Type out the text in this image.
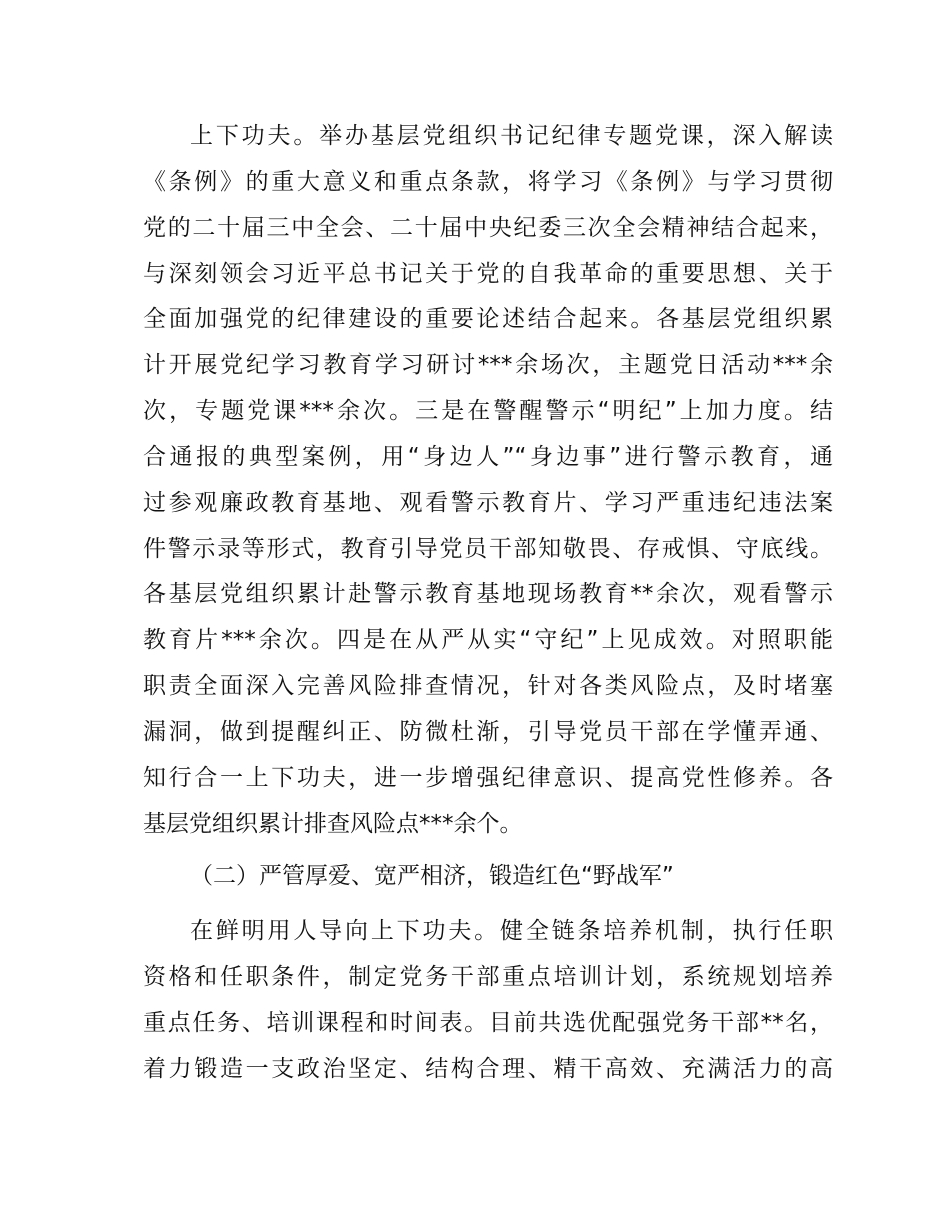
上下功夫。举办基层党组织书记纪律专题党课，深入解读
《条例》的重大意义和重点条款，将学习《条例》与学习贯彻
党的二十届三中全会、二十届中央纪委三次全会精神结合起来，
与深刻领会习近平总书记关于党的自我革命的重要思想、关于
全面加强党的纪律建设的重要论述结合起来。各基层党组织累
计开展党纪学习教育学习研讨***余场次，主题党日活动***余
次，专题党课***余次。三是在警醒警示“明纪”上加力度。结
合通报的典型案例，用“身边人”“身边事”进行警示教育，通
过参观廉政教育基地、观看警示教育片、学习严重违纪违法案
件警示录等形式，教育引导党员干部知敬畏、存戒惧、守底线。
各基层党组织累计赴警示教育基地现场教育**余次，观看警示
教育片***余次。四是在从严从实“守纪”上见成效。对照职能
职责全面深入完善风险排查情况，针对各类风险点，及时堵塞
漏洞，做到提醒纠正、防微杜渐，引导党员干部在学懂弄通、
知行合一上下功夫，进一步增强纪律意识、提高党性修养。各
基层党组织累计排查风险点***余个。
（二）严管厚爱、宽严相济，锻造红色“野战军”
在鲜明用人导向上下功夫。健全链条培养机制，执行任职
资格和任职条件，制定党务干部重点培训计划，系统规划培养
重点任务、培训课程和时间表。目前共选优配强党务干部**名，
着力锻造一支政治坚定、结构合理、精干高效、充满活力的高
